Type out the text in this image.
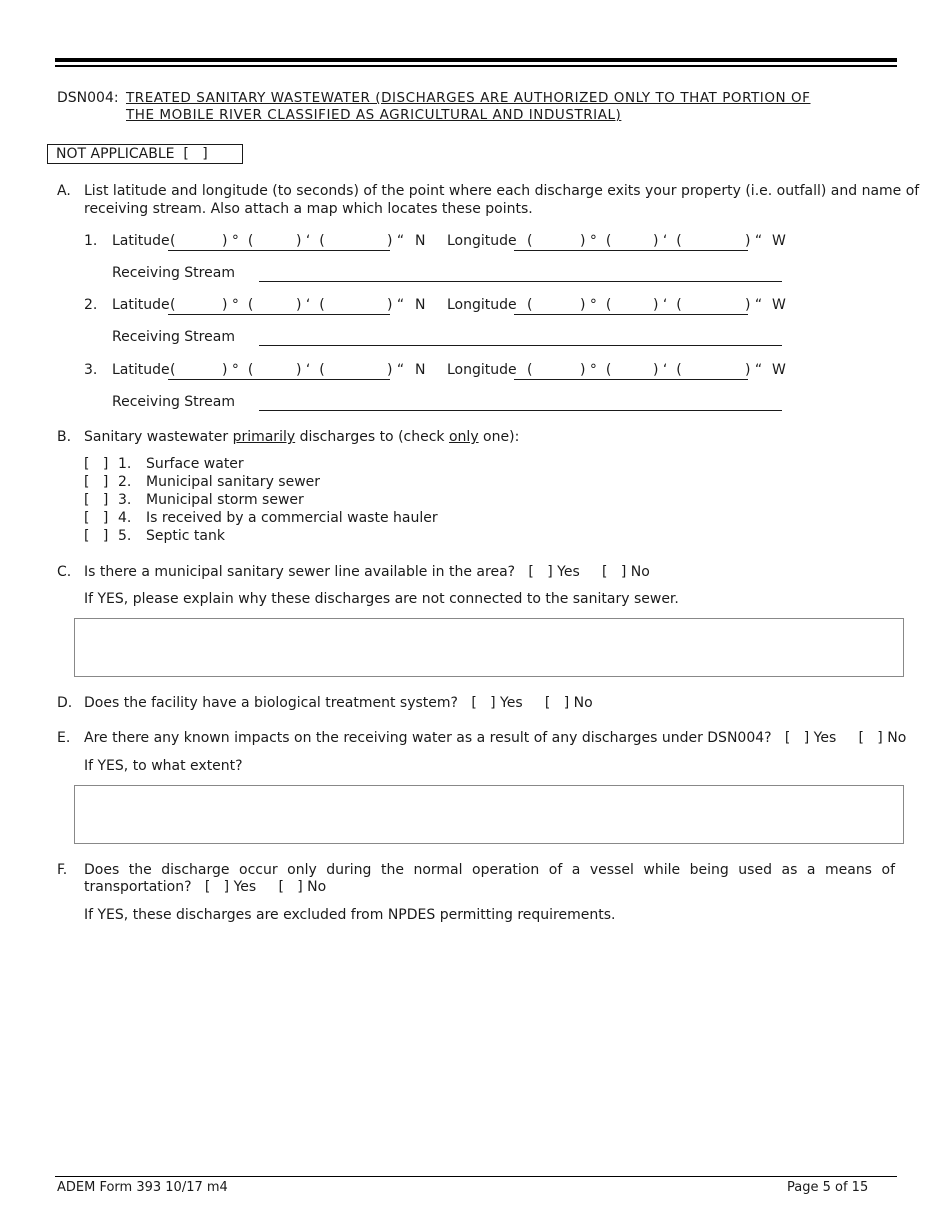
DSN004: TREATED SANITARY WASTEWATER (DISCHARGES ARE AUTHORIZED ONLY TO THAT PORTION OF
THE MOBILE RIVER CLASSIFIED AS AGRICULTURAL AND INDUSTRIAL)
NOT APPLICABLE  [   ]
A. List latitude and longitude (to seconds) of the point where each discharge exits your property (i.e. outfall) and name of
receiving stream. Also attach a map which locates these points.
1. Latitude (	) °  (	) ‘  (	) “ N Longitude (	) °  (	) ‘  (	) “ W
Receiving Stream
2. Latitude (	) °  (	) ‘  (	) “ N Longitude (	) °  (	) ‘  (	) “ W
Receiving Stream
3. Latitude (	) °  (	) ‘  (	) “ N Longitude (	) °  (	) ‘  (	) “ W
Receiving Stream
B. Sanitary wastewater primarily discharges to (check only one):
[   ] 1. Surface water
[   ] 2. Municipal sanitary sewer
[   ] 3. Municipal storm sewer
[   ] 4. Is received by a commercial waste hauler
[   ] 5. Septic tank
C. Is there a municipal sanitary sewer line available in the area?   [   ] Yes     [   ] No
If YES, please explain why these discharges are not connected to the sanitary sewer.
D. Does the facility have a biological treatment system?   [   ] Yes     [   ] No
E. Are there any known impacts on the receiving water as a result of any discharges under DSN004?   [   ] Yes     [   ] No
If YES, to what extent?
F. Does the discharge occur only during the normal operation of a vessel while being used as a means of
transportation?   [   ] Yes     [   ] No
If YES, these discharges are excluded from NPDES permitting requirements.
ADEM Form 393 10/17 m4	Page 5 of 15
